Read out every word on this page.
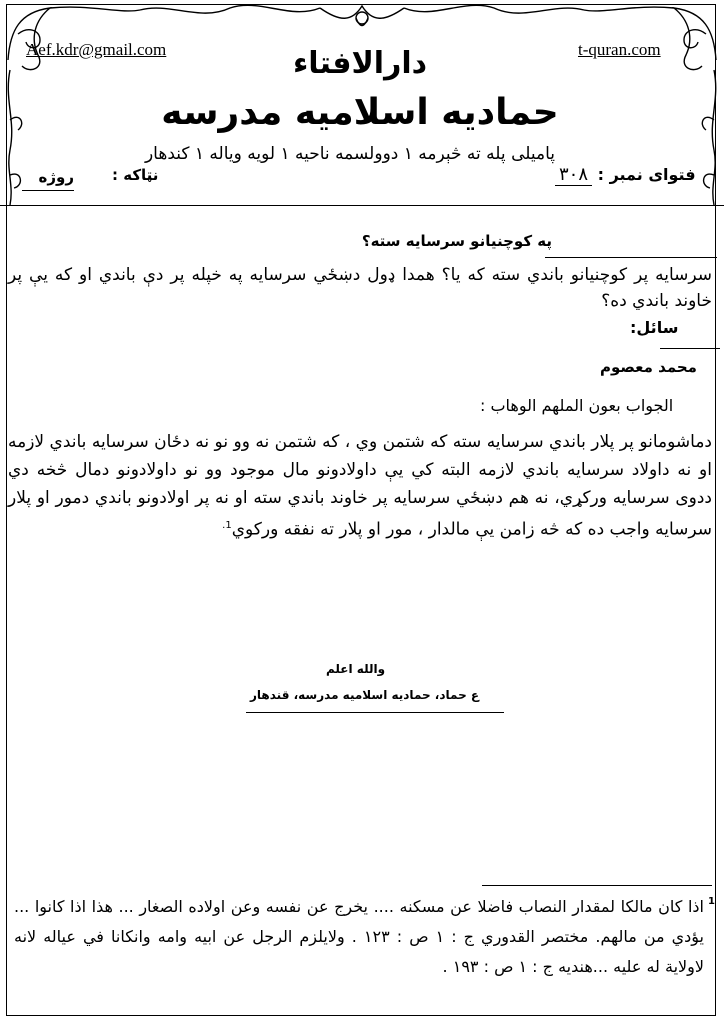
Aef.kdr@gmail.com	t-quran.com
دارالافتاء
حمادیه اسلامیه مدرسه
پامیلی پله ته څېرمه ۱ دوولسمه ناحیه ۱ لویه ویاله ۱ کندهار
۳۰۸ فتوای نمبر :
نټاکه :
روژه
په کوچنیانو سرسایه سته؟
سرسایه پر کوچنیانو باندي سته که یا؟ همدا ډول دښځي سرسایه په خپله پر دې باندي او که یې پر خاوند باندي ده؟
سائل:
محمد معصوم
الجواب بعون الملهم الوهاب :
دماشومانو پر پلار باندي سرسایه سته که شتمن وي ، که شتمن نه وو نو نه دځان سرسایه باندي لازمه او نه داولاد سرسایه باندي لازمه البته کي یې داولادونو مال موجود وو نو داولادونو دمال څخه دي ددوی سرسایه ورکړي، نه هم دښځي سرسایه پر خاوند باندي سته او نه پر اولادونو باندي دمور او پلار سرسایه واجب ده که څه زامن یې مالدار ، مور او پلار ته نفقه ورکوي$^{1.}$
والله اعلم
ع حماد، حمادیه اسلامیه مدرسه، قندهار
1
اذا کان مالکا لمقدار النصاب فاضلا عن مسکنه .... یخرج عن نفسه وعن اولاده الصغار ... هذا اذا کانوا ... یؤدي من مالهم. مختصر القدوري ج : ۱ ص : ۱۲۳ . ولایلزم الرجل عن ابیه وامه وانکانا في عیاله لانه لاولایة له علیه ...هندیه ج : ۱ ص : ۱۹۳ .
